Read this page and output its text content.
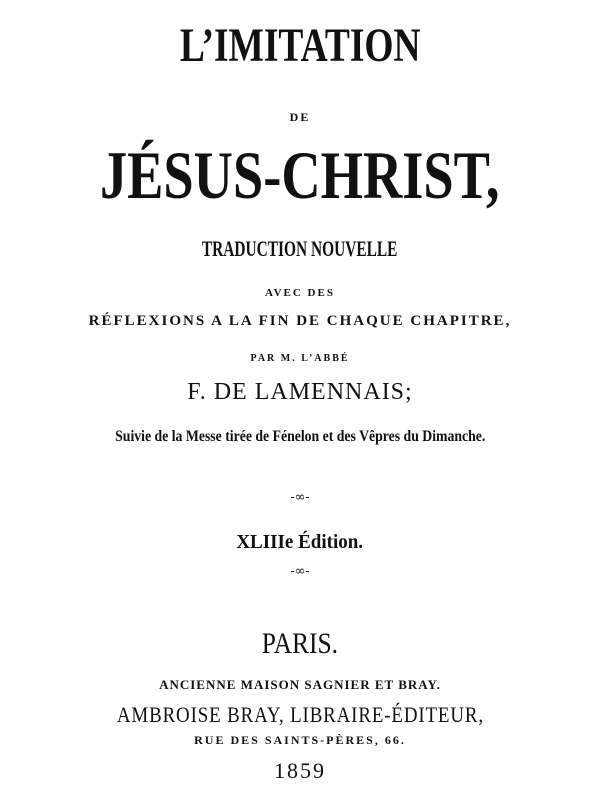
L’IMITATION

DE

JÉSUS-CHRIST,

TRADUCTION NOUVELLE

AVEC DES

RÉFLEXIONS A LA FIN DE CHAQUE CHAPITRE,

PAR M. L’ABBÉ

F. DE LAMENNAIS;

Suivie de la Messe tirée de Fénelon et des Vêpres du Dimanche.

-∞-

XLIIIe Édition.

-∞-

PARIS.

ANCIENNE MAISON SAGNIER ET BRAY.

AMBROISE BRAY, LIBRAIRE-ÉDITEUR,

RUE DES SAINTS-PÈRES, 66.

1859
